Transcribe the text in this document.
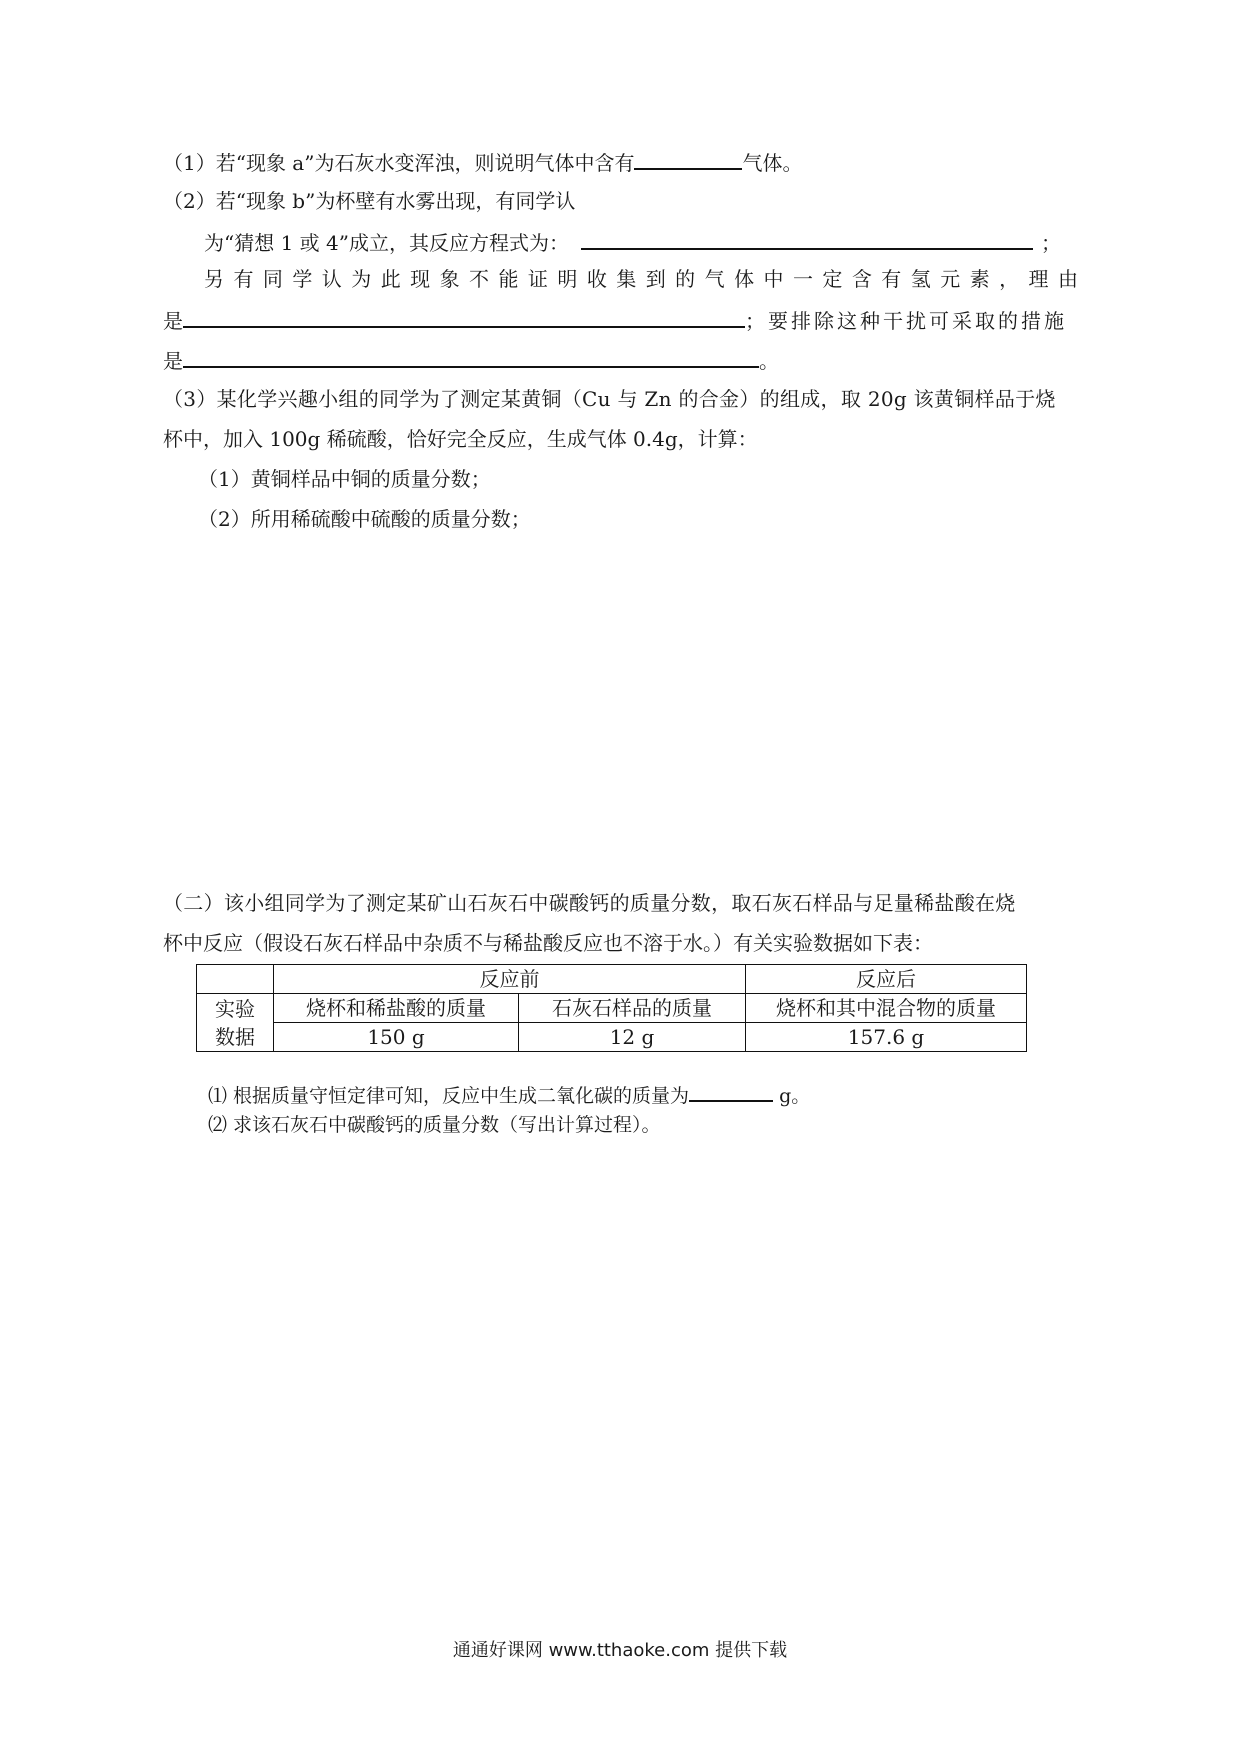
（1）若“现象 a”为石灰水变浑浊，则说明气体中含有	气体。
（2）若“现象 b”为杯壁有水雾出现，有同学认
为“猜想 1 或 4”成立，其反应方程式为：	；
另有同学认为此现象不能证明收集到的气体中一定含有氢元素，理由
是	；要排除这种干扰可采取的措施
是	。
（3）某化学兴趣小组的同学为了测定某黄铜（Cu 与 Zn 的合金）的组成，取 20g 该黄铜样品于烧
杯中，加入 100g 稀硫酸，恰好完全反应，生成气体 0.4g，计算：
（1）黄铜样品中铜的质量分数；
（2）所用稀硫酸中硫酸的质量分数；
（二）该小组同学为了测定某矿山石灰石中碳酸钙的质量分数，取石灰石样品与足量稀盐酸在烧
杯中反应（假设石灰石样品中杂质不与稀盐酸反应也不溶于水。）有关实验数据如下表：
	反应前		反应后

实验
数据	烧杯和稀盐酸的质量	石灰石样品的质量	烧杯和其中混合物的质量
	150 g	12 g	157.6 g
⑴ 根据质量守恒定律可知，反应中生成二氧化碳的质量为	g。
⑵ 求该石灰石中碳酸钙的质量分数（写出计算过程）。
通通好课网 www.tthaoke.com 提供下载
